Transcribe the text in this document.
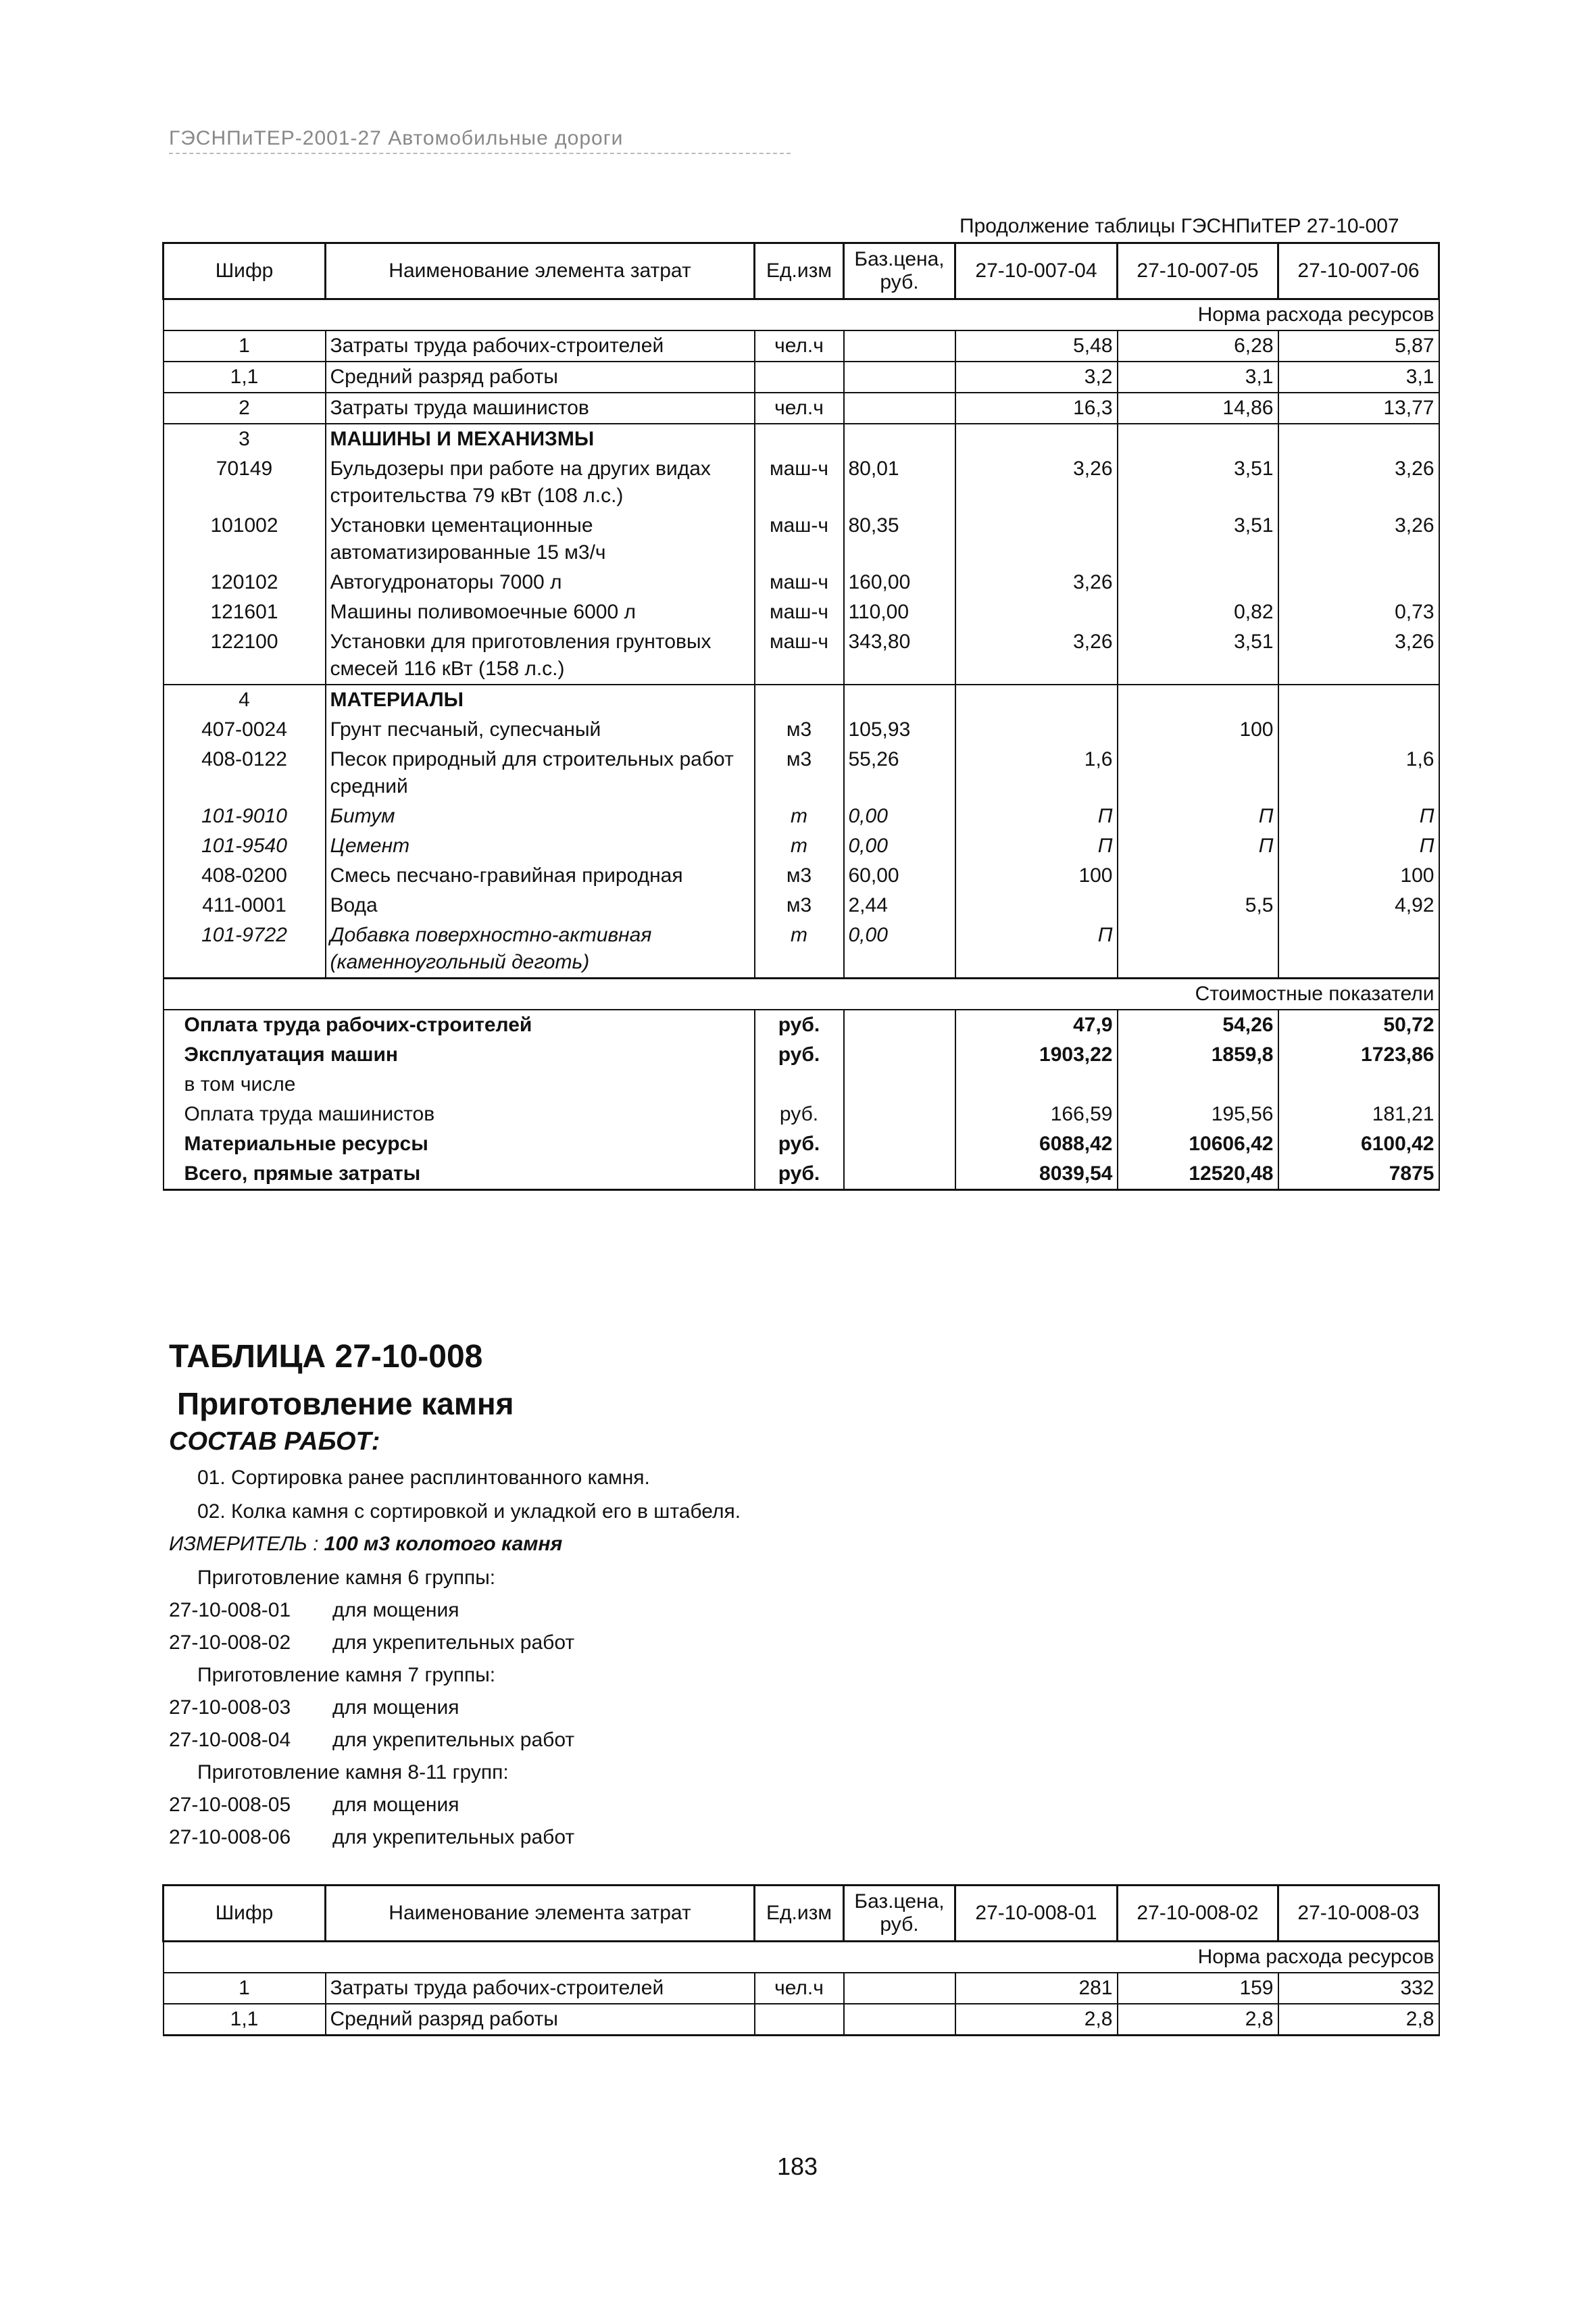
ГЭСНПиТЕР-2001-27 Автомобильные дороги
Продолжение таблицы ГЭСНПиТЕР 27-10-007
Шифр	Наименование элемента затрат	Ед.изм	Баз.цена, руб.	27-10-007-04	27-10-007-05	27-10-007-06
Норма расхода ресурсов						
1	Затраты труда рабочих-строителей	чел.ч		5,48	6,28	5,87
1,1	Средний разряд работы			3,2	3,1	3,1
2	Затраты труда машинистов	чел.ч		16,3	14,86	13,77
3	МАШИНЫ И МЕХАНИЗМЫ					
70149	Бульдозеры при работе на других видах строительства 79 кВт (108 л.с.)	маш-ч	80,01	3,26	3,51	3,26
101002	Установки цементационные автоматизированные 15 м3/ч	маш-ч	80,35		3,51	3,26
120102	Автогудронаторы 7000 л	маш-ч	160,00	3,26		
121601	Машины поливомоечные 6000 л	маш-ч	110,00		0,82	0,73
122100	Установки для приготовления грунтовых смесей 116 кВт (158 л.с.)	маш-ч	343,80	3,26	3,51	3,26
4	МАТЕРИАЛЫ					
407-0024	Грунт песчаный, супесчаный	м3	105,93		100	
408-0122	Песок природный для строительных работ средний	м3	55,26	1,6		1,6
101-9010	Битум	т	0,00	П	П	П
101-9540	Цемент	т	0,00	П	П	П
408-0200	Смесь песчано-гравийная природная	м3	60,00	100		100
411-0001	Вода	м3	2,44		5,5	4,92
101-9722	Добавка поверхностно-активная (каменноугольный деготь)	т	0,00	П		
Стоимостные показатели						
Оплата труда рабочих-строителей		руб.		47,9	54,26	50,72
Эксплуатация машин		руб.		1903,22	1859,8	1723,86
в том числе						
Оплата труда машинистов		руб.		166,59	195,56	181,21
Материальные ресурсы		руб.		6088,42	10606,42	6100,42
Всего, прямые затраты		руб.		8039,54	12520,48	7875
ТАБЛИЦА 27-10-008
Приготовление камня
СОСТАВ РАБОТ:
01. Сортировка ранее расплинтованного камня.
02. Колка камня с сортировкой и укладкой его в штабеля.
ИЗМЕРИТЕЛЬ : 100 м3 колотого камня
Приготовление камня 6 группы:
27-10-008-01 для мощения
27-10-008-02 для укрепительных работ
Приготовление камня 7 группы:
27-10-008-03 для мощения
27-10-008-04 для укрепительных работ
Приготовление камня 8-11 групп:
27-10-008-05 для мощения
27-10-008-06 для укрепительных работ
Шифр	Наименование элемента затрат	Ед.изм	Баз.цена, руб.	27-10-008-01	27-10-008-02	27-10-008-03
Норма расхода ресурсов						
1	Затраты труда рабочих-строителей	чел.ч		281	159	332
1,1	Средний разряд работы			2,8	2,8	2,8
183
